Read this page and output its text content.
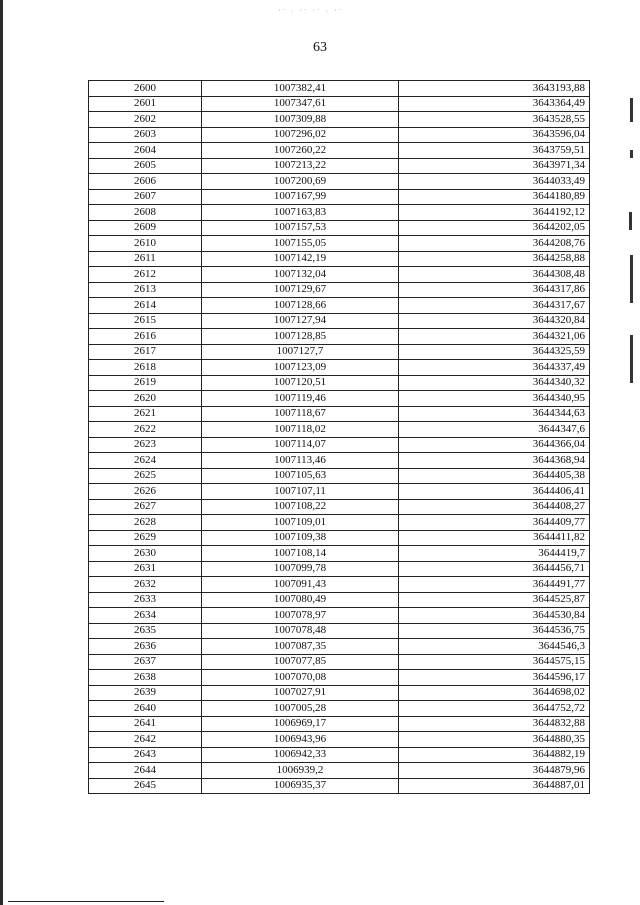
·ˑ ˒ ·ˑ ·ˑ ˒ ·ˑ
63
2600	1007382,41	3643193,88
2601	1007347,61	3643364,49
2602	1007309,88	3643528,55
2603	1007296,02	3643596,04
2604	1007260,22	3643759,51
2605	1007213,22	3643971,34
2606	1007200,69	3644033,49
2607	1007167,99	3644180,89
2608	1007163,83	3644192,12
2609	1007157,53	3644202,05
2610	1007155,05	3644208,76
2611	1007142,19	3644258,88
2612	1007132,04	3644308,48
2613	1007129,67	3644317,86
2614	1007128,66	3644317,67
2615	1007127,94	3644320,84
2616	1007128,85	3644321,06
2617	1007127,7	3644325,59
2618	1007123,09	3644337,49
2619	1007120,51	3644340,32
2620	1007119,46	3644340,95
2621	1007118,67	3644344,63
2622	1007118,02	3644347,6
2623	1007114,07	3644366,04
2624	1007113,46	3644368,94
2625	1007105,63	3644405,38
2626	1007107,11	3644406,41
2627	1007108,22	3644408,27
2628	1007109,01	3644409,77
2629	1007109,38	3644411,82
2630	1007108,14	3644419,7
2631	1007099,78	3644456,71
2632	1007091,43	3644491,77
2633	1007080,49	3644525,87
2634	1007078,97	3644530,84
2635	1007078,48	3644536,75
2636	1007087,35	3644546,3
2637	1007077,85	3644575,15
2638	1007070,08	3644596,17
2639	1007027,91	3644698,02
2640	1007005,28	3644752,72
2641	1006969,17	3644832,88
2642	1006943,96	3644880,35
2643	1006942,33	3644882,19
2644	1006939,2	3644879,96
2645	1006935,37	3644887,01
